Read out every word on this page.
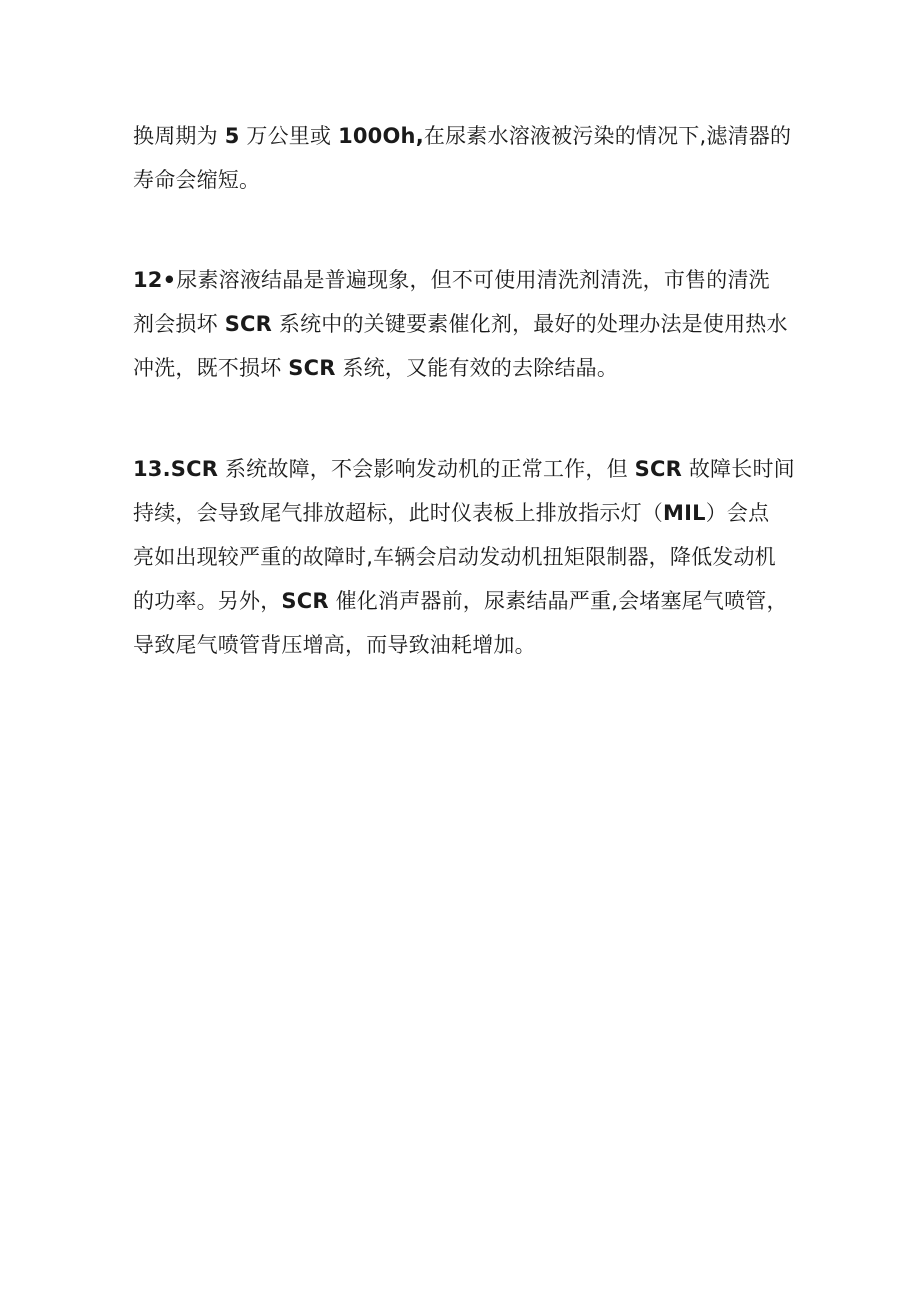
换周期为 5 万公里或 100Oh,在尿素水溶液被污染的情况下,滤清器的
寿命会缩短。
12•尿素溶液结晶是普遍现象，但不可使用清洗剂清洗，市售的清洗
剂会损坏 SCR 系统中的关键要素催化剂，最好的处理办法是使用热水
冲洗，既不损坏 SCR 系统，又能有效的去除结晶。
13.SCR 系统故障，不会影响发动机的正常工作，但 SCR 故障长时间
持续，会导致尾气排放超标，此时仪表板上排放指示灯（MIL）会点
亮如出现较严重的故障时,车辆会启动发动机扭矩限制器，降低发动机
的功率。另外，SCR 催化消声器前，尿素结晶严重,会堵塞尾气喷管，
导致尾气喷管背压增高，而导致油耗增加。
